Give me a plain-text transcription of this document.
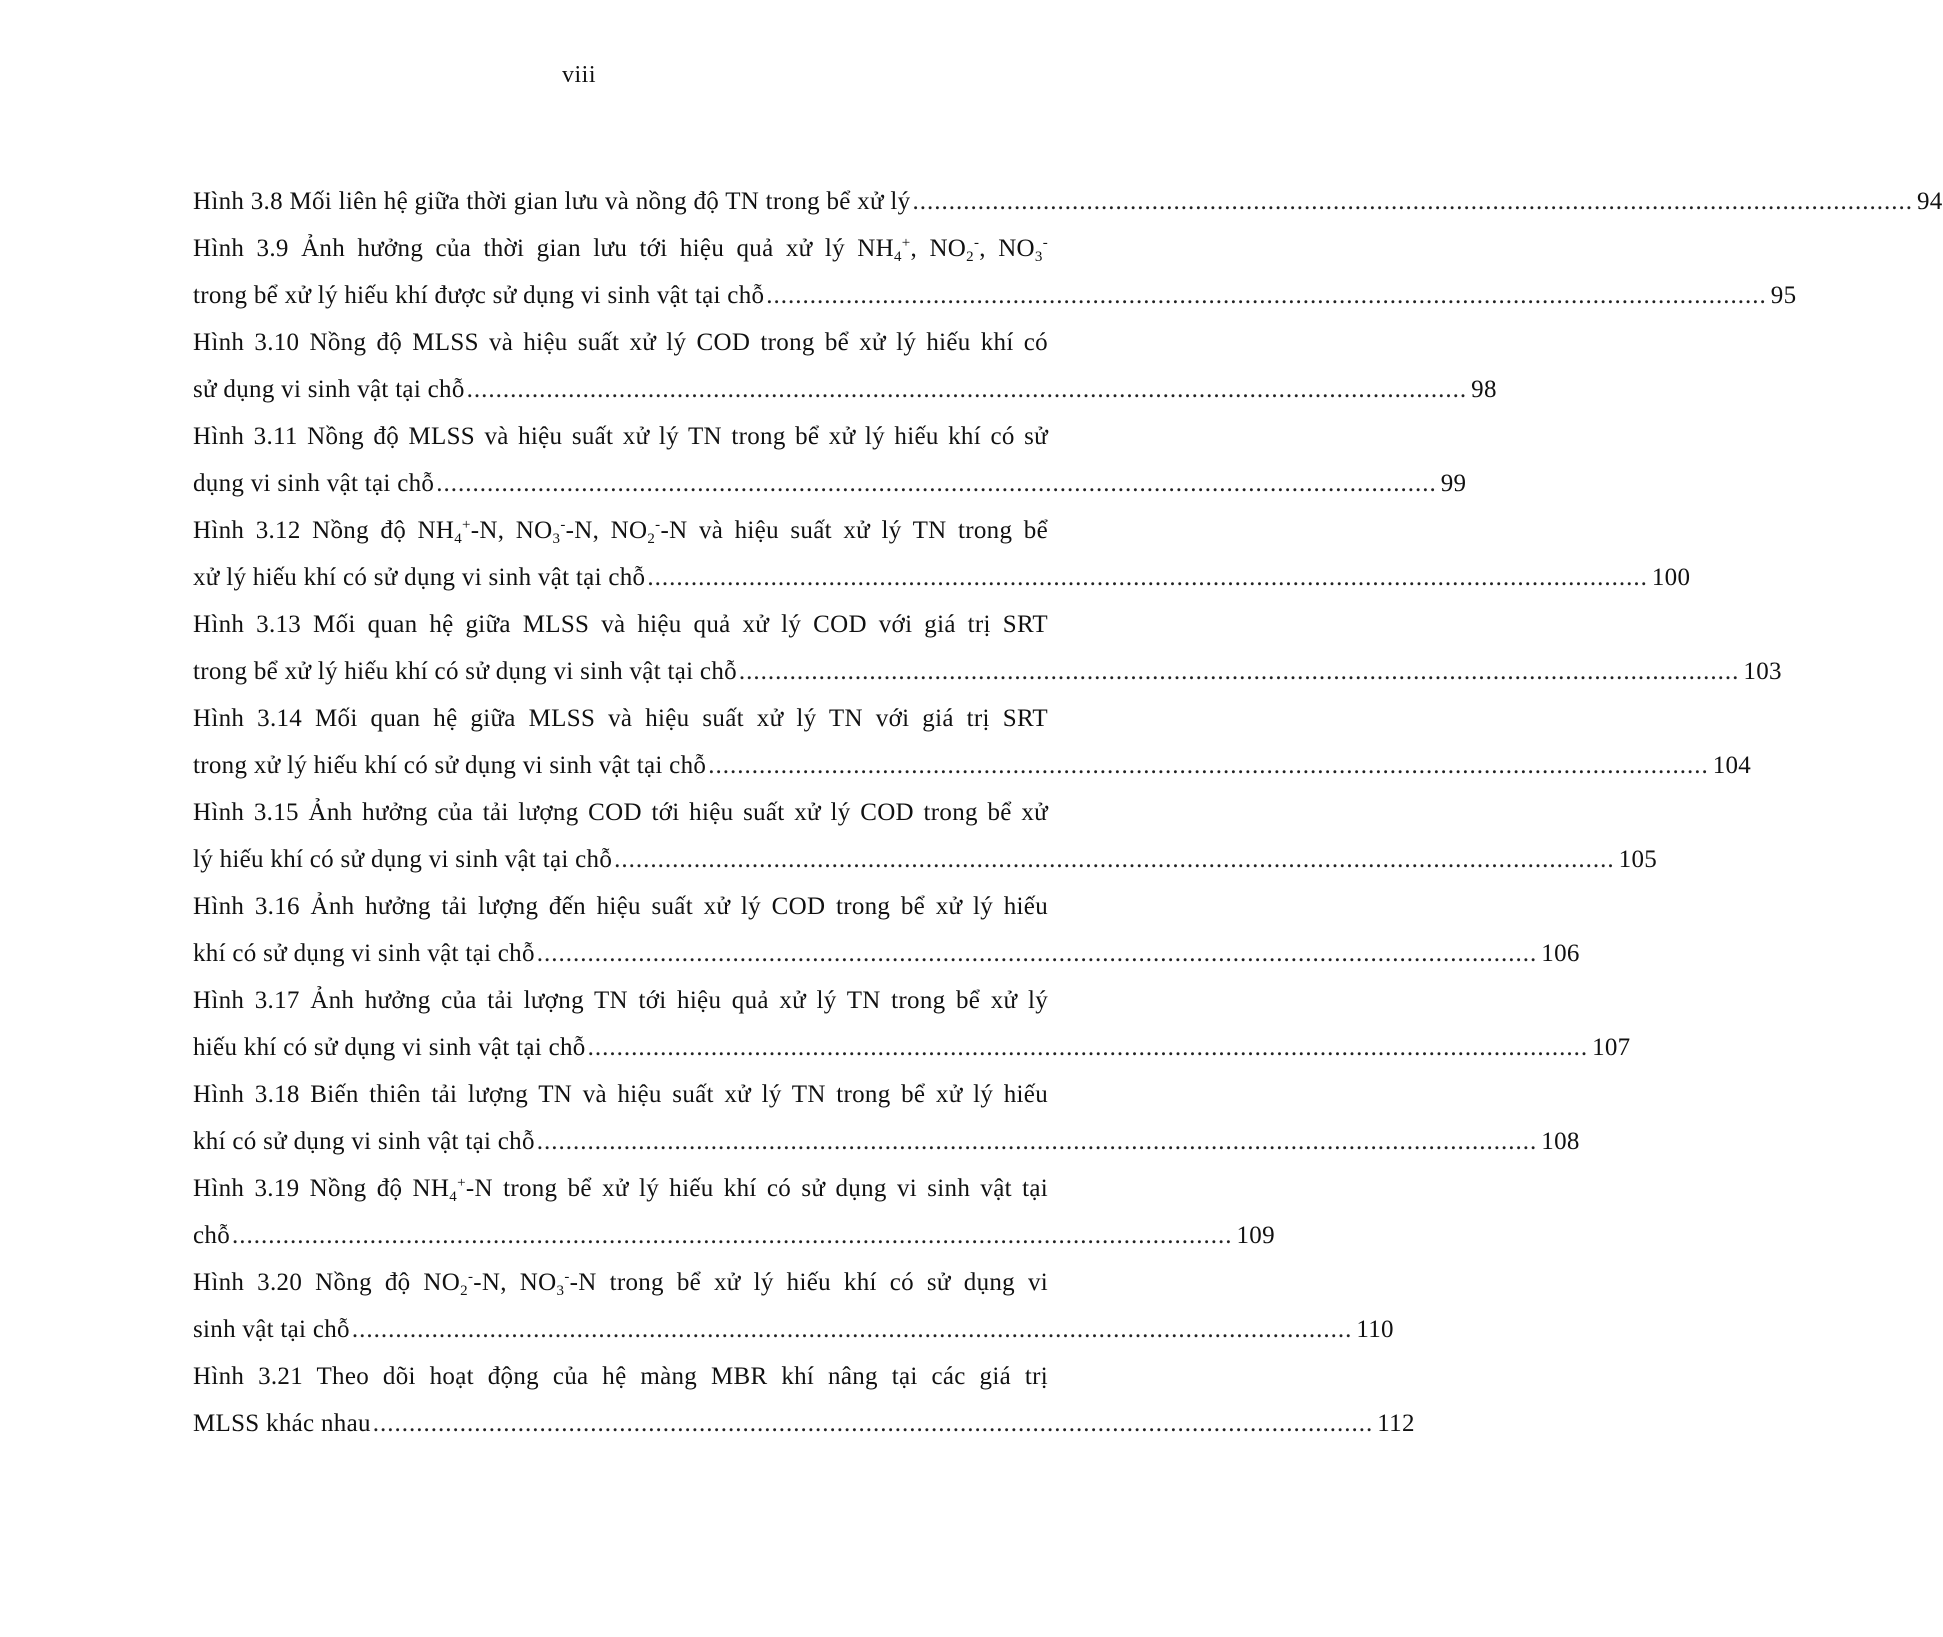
viii
Hình 3.8 Mối liên hệ giữa thời gian lưu và nồng độ TN trong bể xử lý .......................................................................................................................................... 94
Hình 3.9 Ảnh hưởng của thời gian lưu tới hiệu quả xử lý $NH_4^+$, $NO_2^-$, $NO_3^-$
trong bể xử lý hiếu khí được sử dụng vi sinh vật tại chỗ .......................................................................................................................................... 95
Hình 3.10 Nồng độ MLSS và hiệu suất xử lý COD trong bể xử lý hiếu khí có
sử dụng vi sinh vật tại chỗ .......................................................................................................................................... 98
Hình 3.11 Nồng độ MLSS và hiệu suất xử lý TN trong bể xử lý hiếu khí có sử
dụng vi sinh vật tại chỗ .......................................................................................................................................... 99
Hình 3.12 Nồng độ $NH_4^+-N$, $NO_3^--N$, $NO_2^--N$ và hiệu suất xử lý TN trong bể
xử lý hiếu khí có sử dụng vi sinh vật tại chỗ .......................................................................................................................................... 100
Hình 3.13 Mối quan hệ giữa MLSS và hiệu quả xử lý COD với giá trị SRT
trong bể xử lý hiếu khí có sử dụng vi sinh vật tại chỗ .......................................................................................................................................... 103
Hình 3.14 Mối quan hệ giữa MLSS và hiệu suất xử lý TN với giá trị SRT
trong xử lý hiếu khí có sử dụng vi sinh vật tại chỗ .......................................................................................................................................... 104
Hình 3.15 Ảnh hưởng của tải lượng COD tới hiệu suất xử lý COD trong bể xử
lý hiếu khí có sử dụng vi sinh vật tại chỗ .......................................................................................................................................... 105
Hình 3.16 Ảnh hưởng tải lượng đến hiệu suất xử lý COD trong bể xử lý hiếu
khí có sử dụng vi sinh vật tại chỗ .......................................................................................................................................... 106
Hình 3.17 Ảnh hưởng của tải lượng TN tới hiệu quả xử lý TN trong bể xử lý
hiếu khí có sử dụng vi sinh vật tại chỗ .......................................................................................................................................... 107
Hình 3.18 Biến thiên tải lượng TN và hiệu suất xử lý TN trong bể xử lý hiếu
khí có sử dụng vi sinh vật tại chỗ .......................................................................................................................................... 108
Hình 3.19 Nồng độ $NH_4^+-N$ trong bể xử lý hiếu khí có sử dụng vi sinh vật tại
chỗ .......................................................................................................................................... 109
Hình 3.20 Nồng độ $NO_2^--N$, $NO_3^--N$ trong bể xử lý hiếu khí có sử dụng vi
sinh vật tại chỗ .......................................................................................................................................... 110
Hình 3.21 Theo dõi hoạt động của hệ màng MBR khí nâng tại các giá trị
MLSS khác nhau .......................................................................................................................................... 112
